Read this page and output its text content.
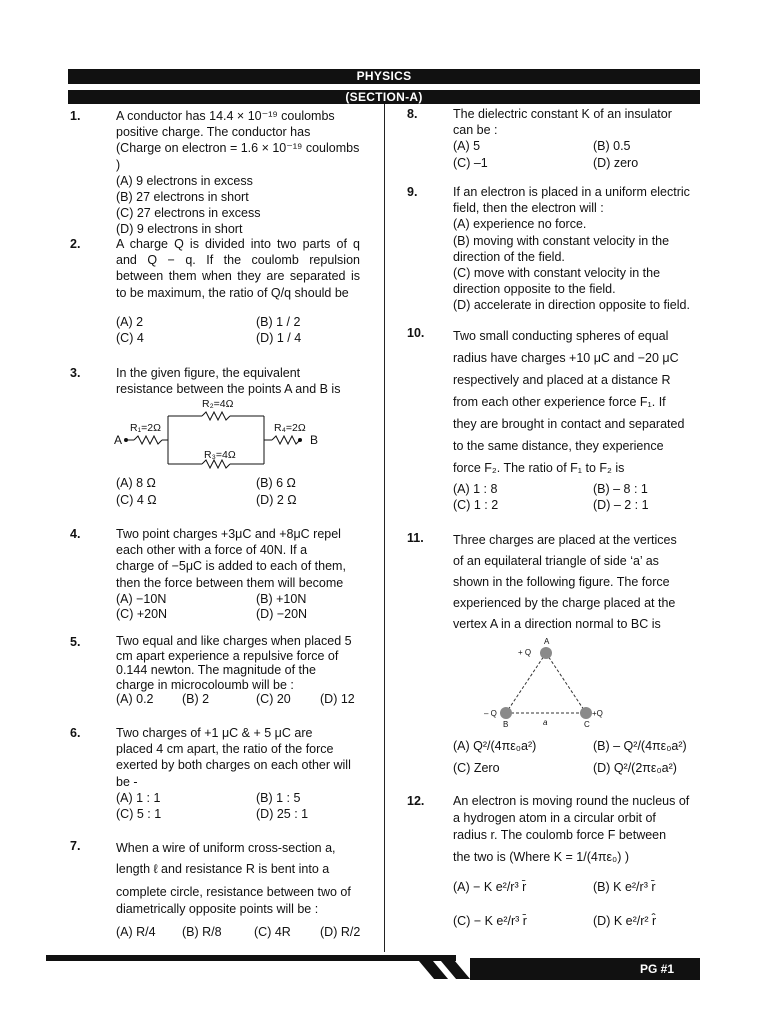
PHYSICS
(SECTION-A)
1.	A conductor has 14.4 × 10⁻¹⁹ coulombs
positive charge. The conductor has
(Charge on electron = 1.6 × 10⁻¹⁹ coulombs )
(A) 9 electrons in excess
(B) 27 electrons in short
(C) 27 electrons in excess
(D) 9 electrons in short
2.	A charge Q is divided into two parts of q and Q − q. If the coulomb repulsion between them when they are separated is to be maximum, the ratio of Q/q should be
(A) 2	(B) 1 / 2
(C) 4	(D) 1 / 4
3.	In the given figure, the equivalent
resistance between the points A and B is
R₂=4Ω
R₁=2Ω	R₄=2Ω
R₃=4Ω
A	B
(A) 8 Ω	(B) 6 Ω
(C) 4 Ω	(D) 2 Ω
4.	Two point charges +3μC and +8μC repel
each other with a force of 40N. If a
charge of −5μC is added to each of them,
then the force between them will become
(A) −10N	(B) +10N
(C) +20N	(D) −20N
5.	Two equal and like charges when placed 5
cm apart experience a repulsive force of
0.144 newton. The magnitude of the
charge in microcoloumb will be :
(A) 0.2	(B) 2	(C) 20	(D) 12
6.	Two charges of +1 μC & + 5 μC are
placed 4 cm apart, the ratio of the force
exerted by both charges on each other will
be -
(A) 1 : 1	(B) 1 : 5
(C) 5 : 1	(D) 25 : 1
7.	When a wire of uniform cross-section a,
length ℓ and resistance R is bent into a
complete circle, resistance between two of
diametrically opposite points will be :
(A) R/4	(B) R/8	(C) 4R	(D) R/2
8.	The dielectric constant K of an insulator
can be :
(A) 5	(B) 0.5
(C) –1	(D) zero
9.	If an electron is placed in a uniform electric
field, then the electron will :
(A) experience no force.
(B) moving with constant velocity in the
direction of the field.
(C) move with constant velocity in the
direction opposite to the field.
(D) accelerate in direction opposite to field.
10. Two small conducting spheres of equal
radius have charges +10 μC and −20 μC
respectively and placed at a distance R
from each other experience force F₁. If
they are brought in contact and separated
to the same distance, they experience
force F₂. The ratio of F₁ to F₂ is
(A) 1 : 8	(B) – 8 : 1
(C) 1 : 2	(D) – 2 : 1
11. Three charges are placed at the vertices
of an equilateral triangle of side ‘a’ as
shown in the following figure. The force
experienced by the charge placed at the
vertex A in a direction normal to BC is
A
+ Q
– Q	+Q
B	C
a
(A) Q²/(4πε₀a²)	(B) – Q²/(4πε₀a²)
(C) Zero	(D) Q²/(2πε₀a²)
12. An electron is moving round the nucleus of
a hydrogen atom in a circular orbit of
radius r. The coulomb force F between
the two is (Where K = 1/(4πε₀) )
(A) − K e²/r³ r̄	(B) K e²/r³ r̄
(C) − K e²/r³ r̄	(D) K e²/r² r̂
PG #1
